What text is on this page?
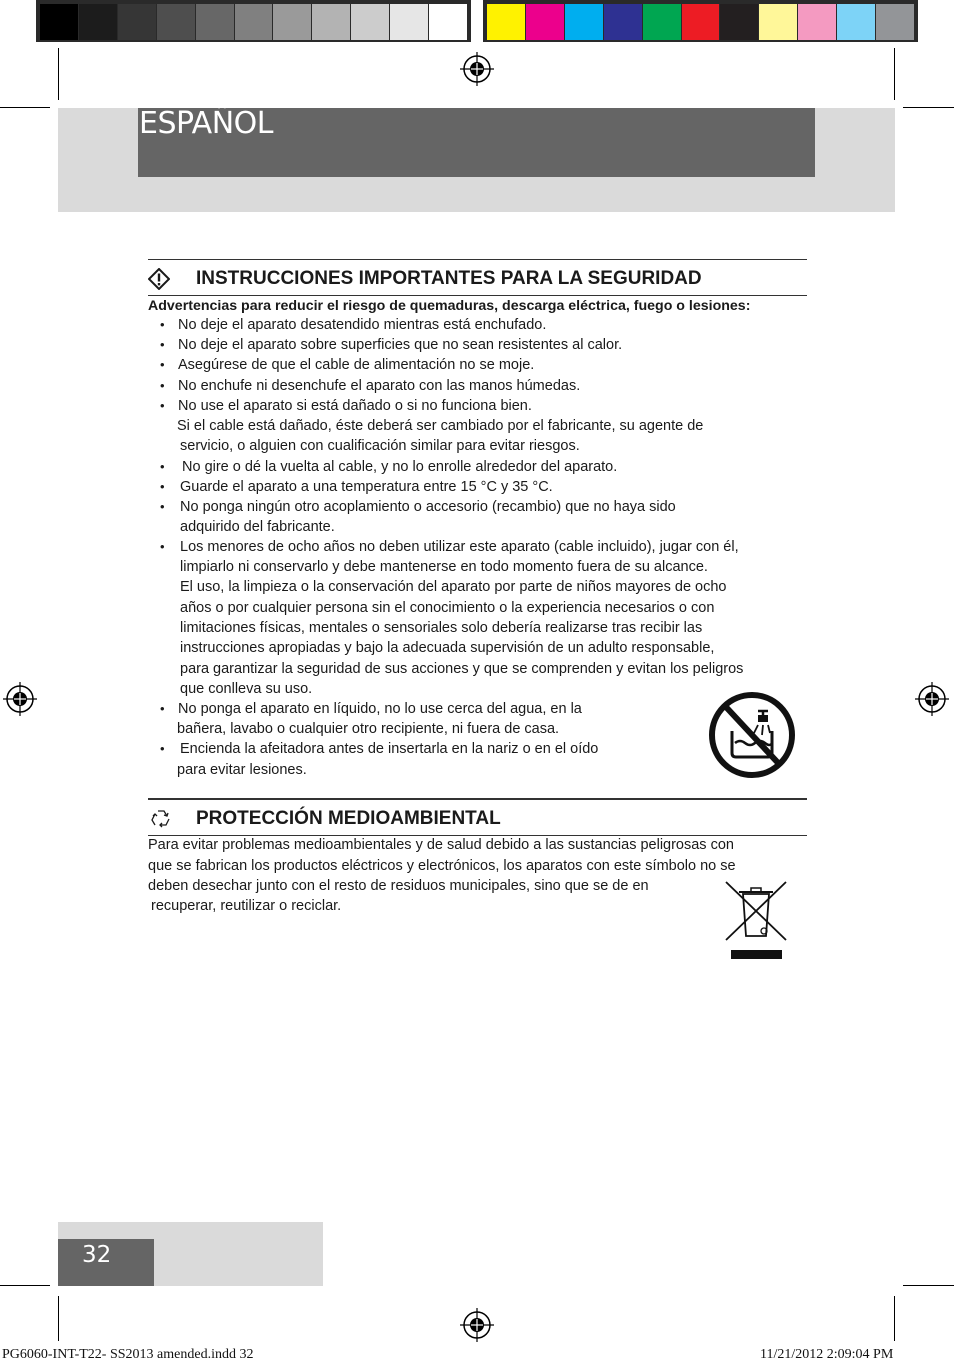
ESPAÑOL
INSTRUCCIONES IMPORTANTES PARA LA SEGURIDAD
Advertencias para reducir el riesgo de quemaduras, descarga eléctrica, fuego o lesiones:
• No deje el aparato desatendido mientras está enchufado.
• No deje el aparato sobre superficies que no sean resistentes al calor.
• Asegúrese de que el cable de alimentación no se moje.
• No enchufe ni desenchufe el aparato con las manos húmedas.
• No use el aparato si está dañado o si no funciona bien.
Si el cable está dañado, éste deberá ser cambiado por el fabricante, su agente de
servicio, o alguien con cualificación similar para evitar riesgos.
• No gire o dé la vuelta al cable, y no lo enrolle alrededor del aparato.
• Guarde el aparato a una temperatura entre 15 °C y 35 °C.
• No ponga ningún otro acoplamiento o accesorio (recambio) que no haya sido
adquirido del fabricante.
• Los menores de ocho años no deben utilizar este aparato (cable incluido), jugar con él,
limpiarlo ni conservarlo y debe mantenerse en todo momento fuera de su alcance.
El uso, la limpieza o la conservación del aparato por parte de niños mayores de ocho
años o por cualquier persona sin el conocimiento o la experiencia necesarios o con
limitaciones físicas, mentales o sensoriales solo debería realizarse tras recibir las
instrucciones apropiadas y bajo la adecuada supervisión de un adulto responsable,
para garantizar la seguridad de sus acciones y que se comprenden y evitan los peligros
que conlleva su uso.
• No ponga el aparato en líquido, no lo use cerca del agua, en la
bañera, lavabo o cualquier otro recipiente, ni fuera de casa.
• Encienda la afeitadora antes de insertarla en la nariz o en el oído
para evitar lesiones.
PROTECCIÓN MEDIOAMBIENTAL
Para evitar problemas medioambientales y de salud debido a las sustancias peligrosas con
que se fabrican los productos eléctricos y electrónicos, los aparatos con este símbolo no se
deben desechar junto con el resto de residuos municipales, sino que se de en
recuperar, reutilizar o reciclar.
32
PG6060-INT-T22- SS2013 amended.indd 32	11/21/2012 2:09:04 PM
